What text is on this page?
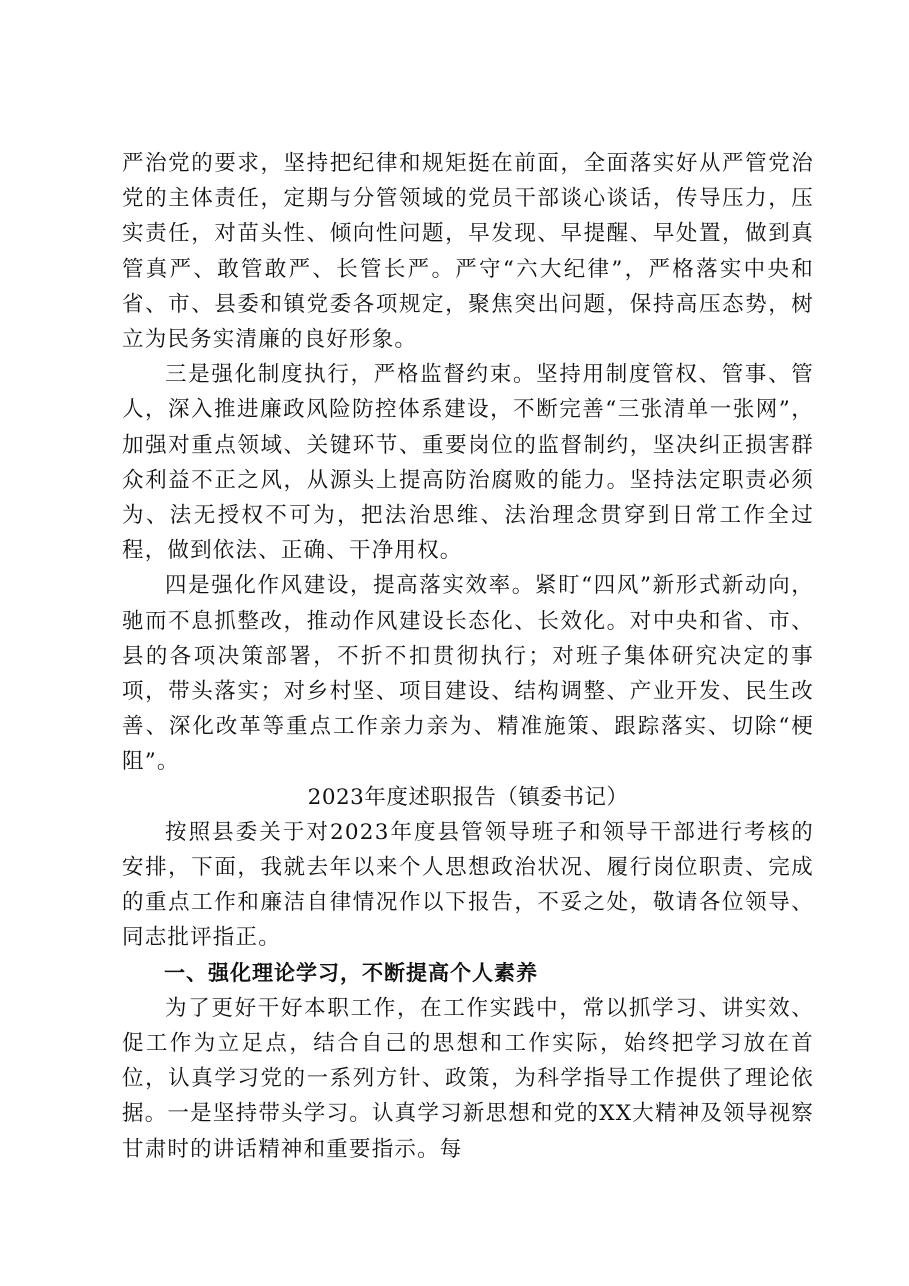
严治党的要求，坚持把纪律和规矩挺在前面，全面落实好从严管党治党的主体责任，定期与分管领域的党员干部谈心谈话，传导压力，压实责任，对苗头性、倾向性问题，早发现、早提醒、早处置，做到真管真严、敢管敢严、长管长严。严守“六大纪律”，严格落实中央和省、市、县委和镇党委各项规定，聚焦突出问题，保持高压态势，树立为民务实清廉的良好形象。

三是强化制度执行，严格监督约束。坚持用制度管权、管事、管人，深入推进廉政风险防控体系建设，不断完善“三张清单一张网”，加强对重点领域、关键环节、重要岗位的监督制约，坚决纠正损害群众利益不正之风，从源头上提高防治腐败的能力。坚持法定职责必须为、法无授权不可为，把法治思维、法治理念贯穿到日常工作全过程，做到依法、正确、干净用权。

四是强化作风建设，提高落实效率。紧盯“四风”新形式新动向，驰而不息抓整改，推动作风建设长态化、长效化。对中央和省、市、县的各项决策部署，不折不扣贯彻执行；对班子集体研究决定的事项，带头落实；对乡村坚、项目建设、结构调整、产业开发、民生改善、深化改革等重点工作亲力亲为、精准施策、跟踪落实、切除“梗阻”。

2023年度述职报告（镇委书记）

按照县委关于对2023年度县管领导班子和领导干部进行考核的安排，下面，我就去年以来个人思想政治状况、履行岗位职责、完成的重点工作和廉洁自律情况作以下报告，不妥之处，敬请各位领导、同志批评指正。

一、强化理论学习，不断提高个人素养

为了更好干好本职工作，在工作实践中，常以抓学习、讲实效、促工作为立足点，结合自己的思想和工作实际，始终把学习放在首位，认真学习党的一系列方针、政策，为科学指导工作提供了理论依据。一是坚持带头学习。认真学习新思想和党的XX大精神及领导视察甘肃时的讲话精神和重要指示。每
